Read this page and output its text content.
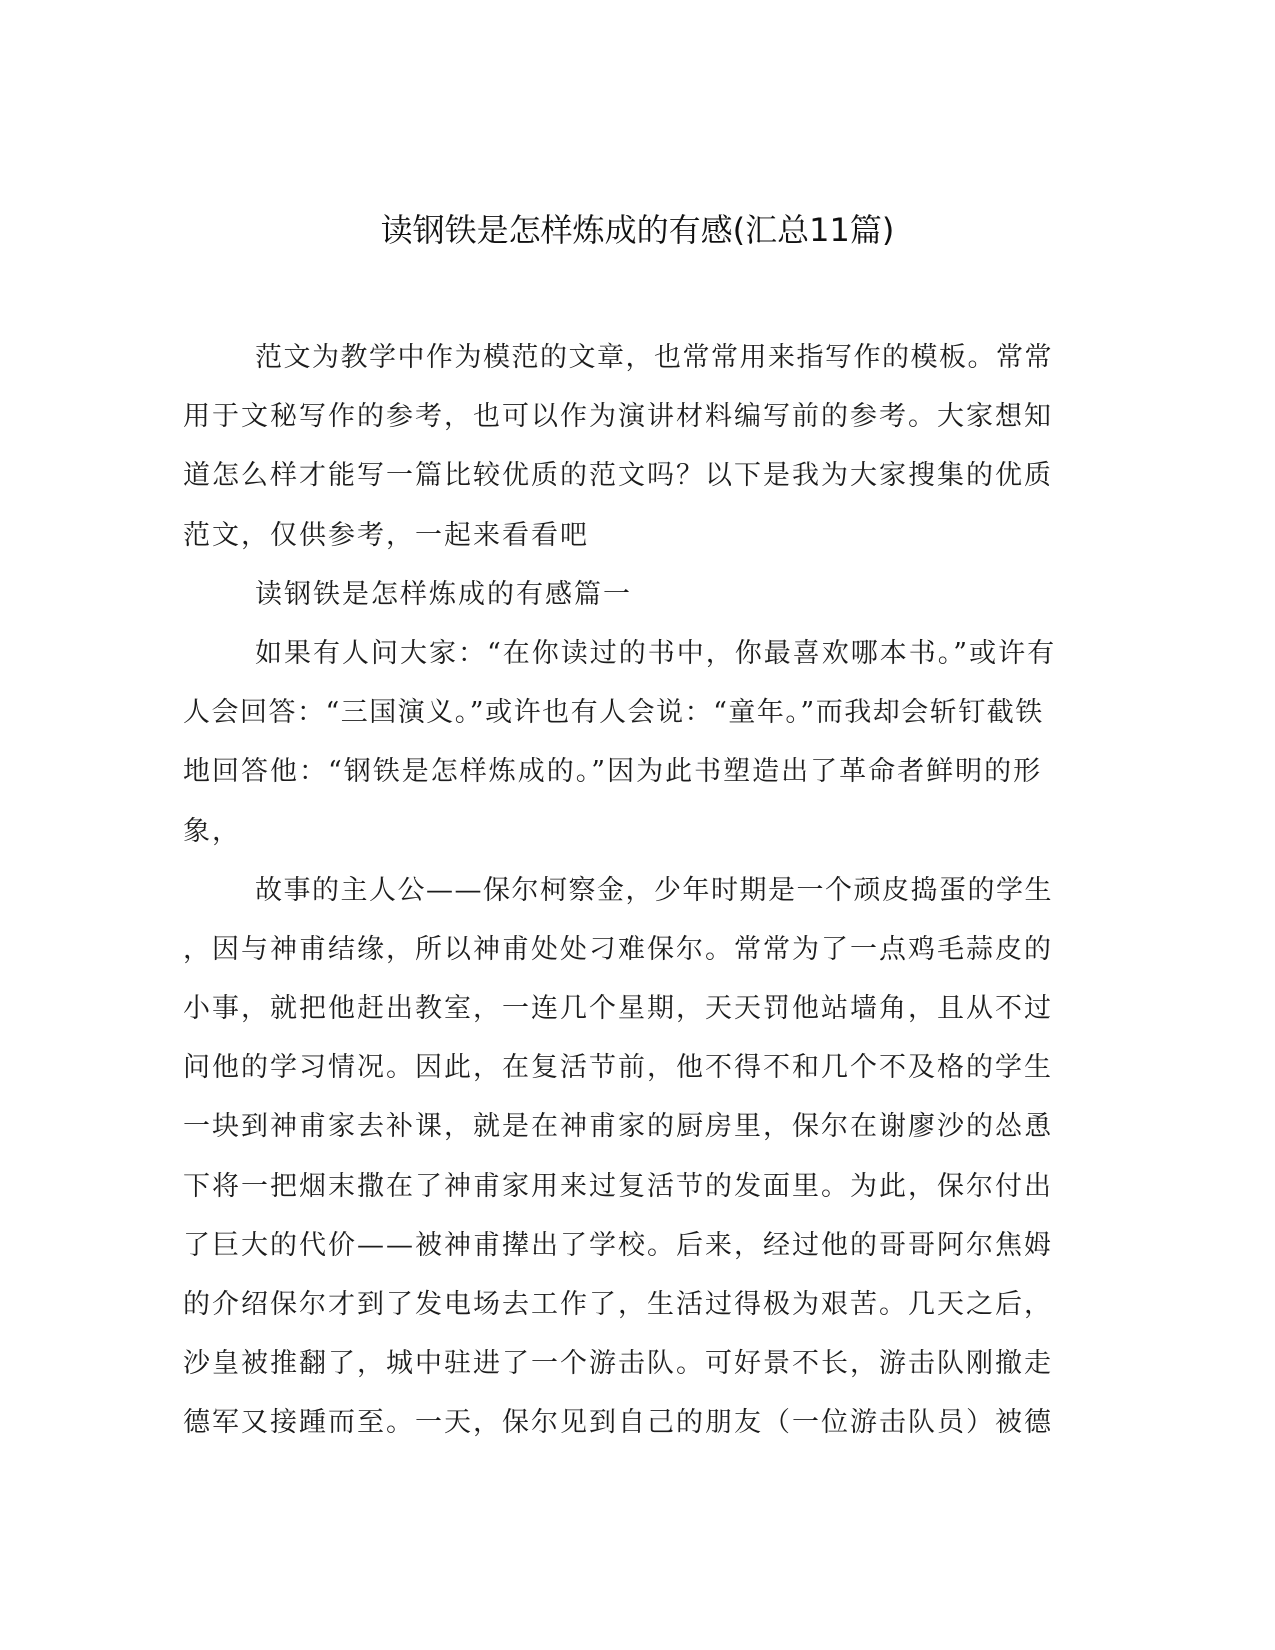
读钢铁是怎样炼成的有感(汇总11篇)
范文为教学中作为模范的文章，也常常用来指写作的模板。常常
用于文秘写作的参考，也可以作为演讲材料编写前的参考。大家想知
道怎么样才能写一篇比较优质的范文吗？以下是我为大家搜集的优质
范文，仅供参考，一起来看看吧
读钢铁是怎样炼成的有感篇一
如果有人问大家：“在你读过的书中，你最喜欢哪本书。”或许有
人会回答：“三国演义。”或许也有人会说：“童年。”而我却会斩钉截铁
地回答他：“钢铁是怎样炼成的。”因为此书塑造出了革命者鲜明的形
象，
故事的主人公——保尔柯察金，少年时期是一个顽皮捣蛋的学生
，因与神甫结缘，所以神甫处处刁难保尔。常常为了一点鸡毛蒜皮的
小事，就把他赶出教室，一连几个星期，天天罚他站墙角，且从不过
问他的学习情况。因此，在复活节前，他不得不和几个不及格的学生
一块到神甫家去补课，就是在神甫家的厨房里，保尔在谢廖沙的怂恿
下将一把烟末撒在了神甫家用来过复活节的发面里。为此，保尔付出
了巨大的代价——被神甫撵出了学校。后来，经过他的哥哥阿尔焦姆
的介绍保尔才到了发电场去工作了，生活过得极为艰苦。几天之后，
沙皇被推翻了，城中驻进了一个游击队。可好景不长，游击队刚撤走
德军又接踵而至。一天，保尔见到自己的朋友（一位游击队员）被德
